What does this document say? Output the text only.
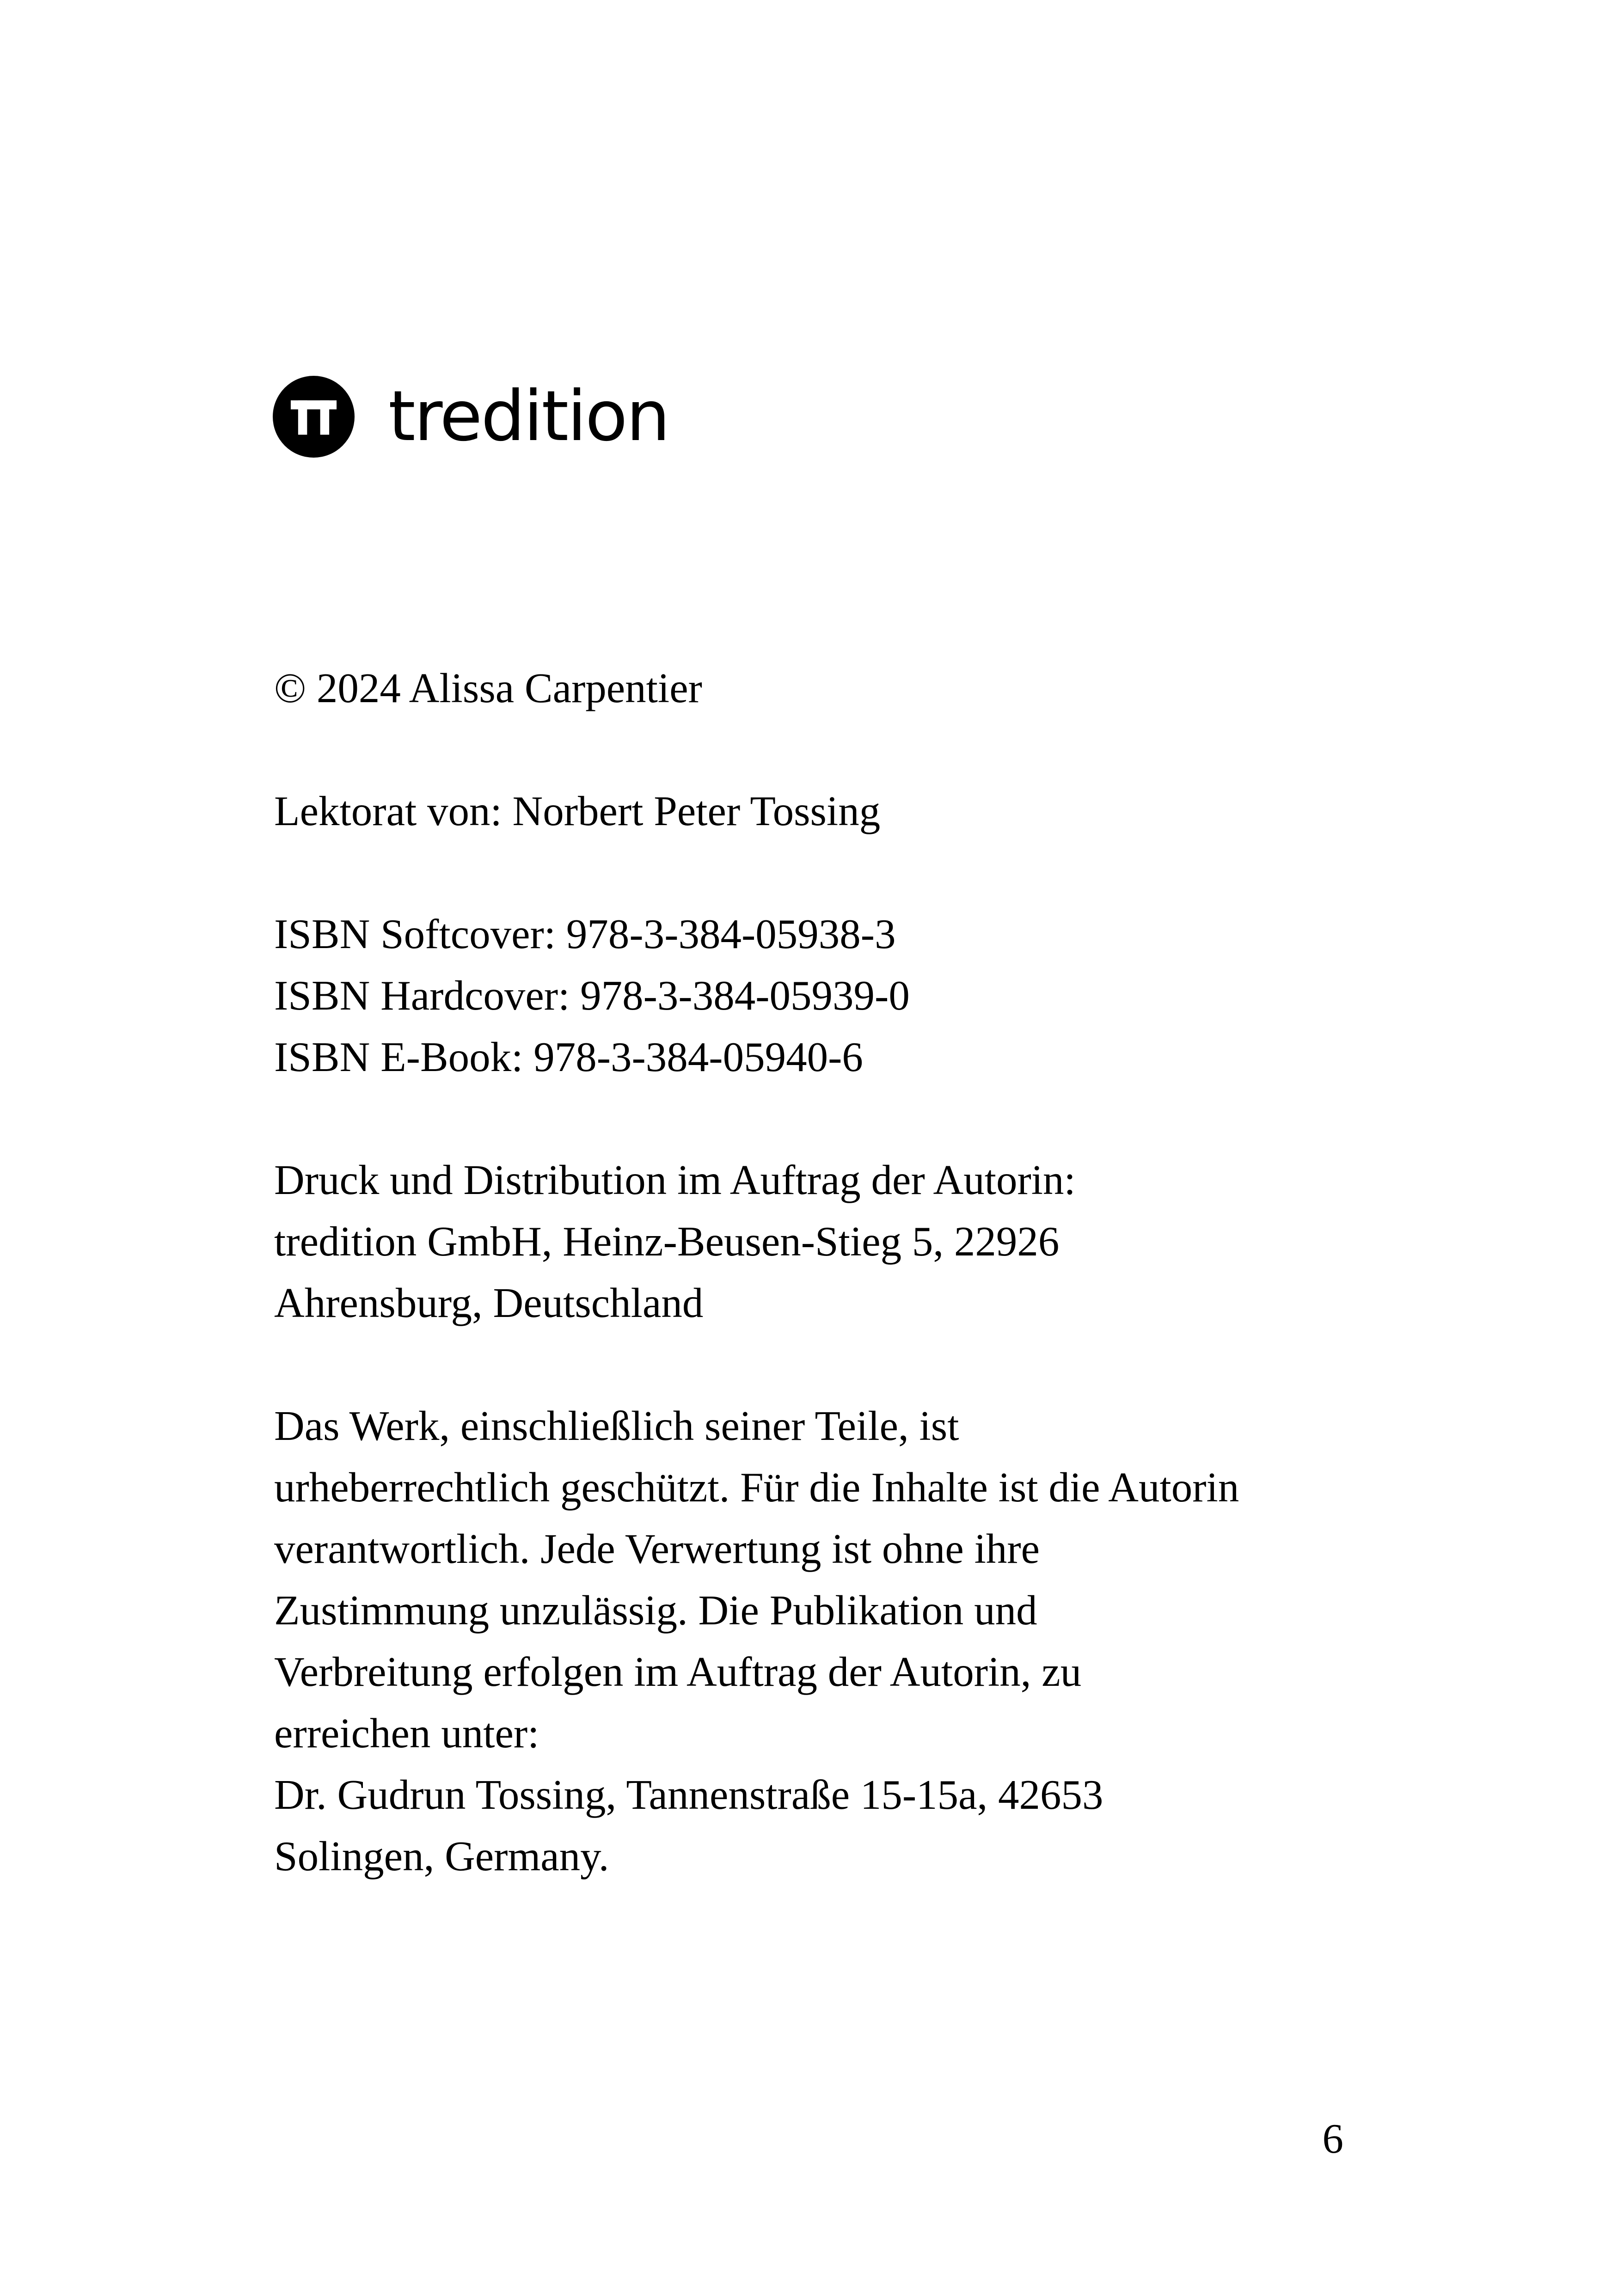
tredition

© 2024 Alissa Carpentier

Lektorat von: Norbert Peter Tossing

ISBN Softcover: 978-3-384-05938-3
ISBN Hardcover: 978-3-384-05939-0
ISBN E-Book: 978-3-384-05940-6

Druck und Distribution im Auftrag der Autorin:
tredition GmbH, Heinz-Beusen-Stieg 5, 22926
Ahrensburg, Deutschland

Das Werk, einschließlich seiner Teile, ist
urheberrechtlich geschützt. Für die Inhalte ist die Autorin
verantwortlich. Jede Verwertung ist ohne ihre
Zustimmung unzulässig. Die Publikation und
Verbreitung erfolgen im Auftrag der Autorin, zu
erreichen unter:
Dr. Gudrun Tossing, Tannenstraße 15-15a, 42653
Solingen, Germany.

6
